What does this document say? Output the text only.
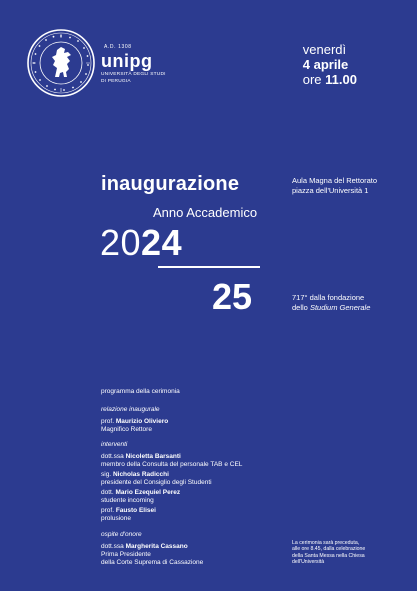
A.D. 1308
unipg
UNIVERSITÀ DEGLI STUDI
DI PERUGIA
venerdì
4 aprile
ore 11.00
inaugurazione	Aula Magna del Rettorato
piazza dell'Università 1
Anno Accademico
2024
25	717° dalla fondazione
dello Studium Generale
programma della cerimonia
relazione inaugurale
prof. Maurizio Oliviero
Magnifico Rettore
interventi
dott.ssa Nicoletta Barsanti
membro della Consulta del personale TAB e CEL
sig. Nicholas Radicchi
presidente del Consiglio degli Studenti
dott. Mario Ezequiel Perez
studente incoming
prof. Fausto Elisei
prolusione
ospite d'onore
dott.ssa Margherita Cassano
Prima Presidente
della Corte Suprema di Cassazione
La cerimonia sarà preceduta,
alle ore 8.45, dalla celebrazione
della Santa Messa nella Chiesa
dell'Università
